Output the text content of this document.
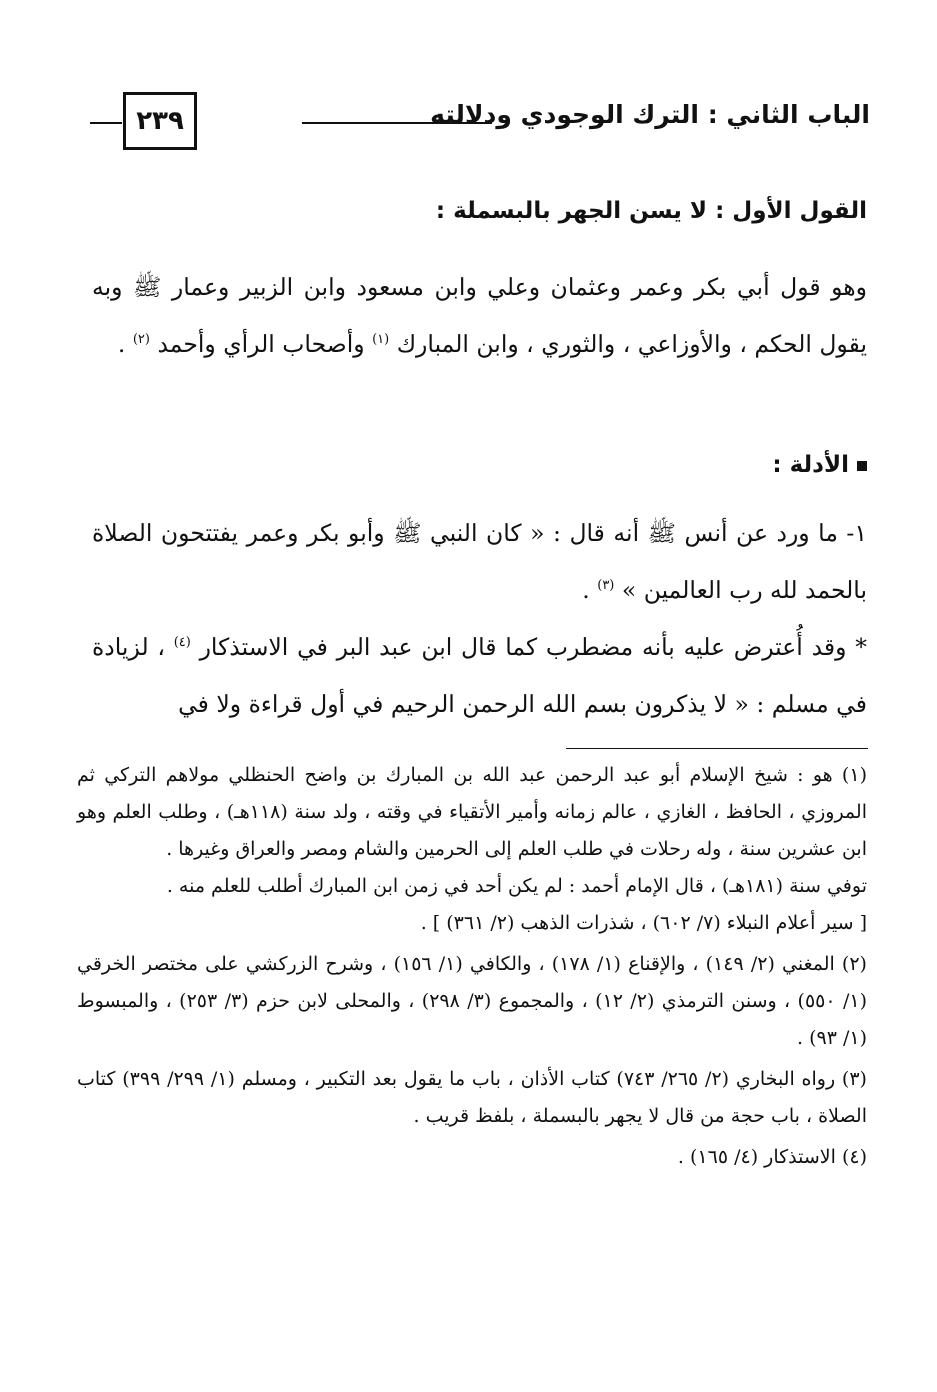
الباب الثاني : الترك الوجودي ودلالته
٢٣٩
القول الأول : لا يسن الجهر بالبسملة :

وهو قول أبي بكر وعمر وعثمان وعلي وابن مسعود وابن الزبير وعمار ﷺ وبه يقول الحكم ، والأوزاعي ، والثوري ، وابن المبارك $^{(١)}$ وأصحاب الرأي وأحمد $^{(٢)}$ .

الأدلة :

١- ما ورد عن أنس ﷺ أنه قال : « كان النبي ﷺ وأبو بكر وعمر يفتتحون الصلاة بالحمد لله رب العالمين » $^{(٣)}$ .

* وقد أُعترض عليه بأنه مضطرب كما قال ابن عبد البر في الاستذكار $^{(٤)}$ ، لزيادة في مسلم : « لا يذكرون بسم الله الرحمن الرحيم في أول قراءة ولا في

(١) هو : شيخ الإسلام أبو عبد الرحمن عبد الله بن المبارك بن واضح الحنظلي مولاهم التركي ثم المروزي ، الحافظ ، الغازي ، عالم زمانه وأمير الأتقياء في وقته ، ولد سنة (١١٨هـ) ، وطلب العلم وهو ابن عشرين سنة ، وله رحلات في طلب العلم إلى الحرمين والشام ومصر والعراق وغيرها .

توفي سنة (١٨١هـ) ، قال الإمام أحمد : لم يكن أحد في زمن ابن المبارك أطلب للعلم منه .

[ سير أعلام النبلاء (٧/ ٦٠٢) ، شذرات الذهب (٢/ ٣٦١) ] .

(٢) المغني (٢/ ١٤٩) ، والإقناع (١/ ١٧٨) ، والكافي (١/ ١٥٦) ، وشرح الزركشي على مختصر الخرقي (١/ ٥٥٠) ، وسنن الترمذي (٢/ ١٢) ، والمجموع (٣/ ٢٩٨) ، والمحلى لابن حزم (٣/ ٢٥٣) ، والمبسوط (١/ ٩٣) .

(٣) رواه البخاري (٢/ ٢٦٥/ ٧٤٣) كتاب الأذان ، باب ما يقول بعد التكبير ، ومسلم (١/ ٢٩٩/ ٣٩٩) كتاب الصلاة ، باب حجة من قال لا يجهر بالبسملة ، بلفظ قريب .

(٤) الاستذكار (٤/ ١٦٥) .
